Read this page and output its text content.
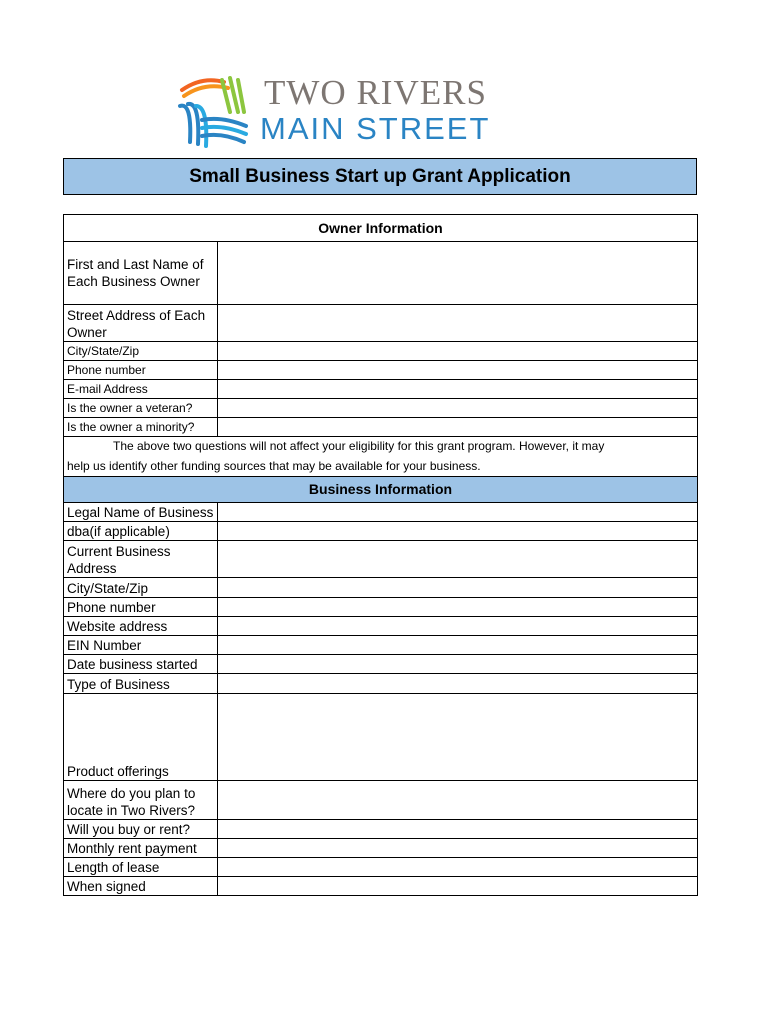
TWO RIVERS
MAIN STREET
Small Business Start up Grant Application
Owner Information	
First and Last Name of Each Business Owner	
Street Address of Each Owner	
City/State/Zip	
Phone number	
E-mail Address	
Is the owner a veteran?	
Is the owner a minority?	

The above two questions will not affect your eligibility for this grant program. However, it may
help us identify other funding sources that may be available for your business.	
Business Information	
Legal Name of Business	
dba(if applicable)	
Current Business Address	
City/State/Zip	
Phone number	
Website address	
EIN Number	
Date business started	
Type of Business	
Product offerings	
Where do you plan to locate in Two Rivers?	
Will you buy or rent?	
Monthly rent payment	
Length of lease	
When signed	
